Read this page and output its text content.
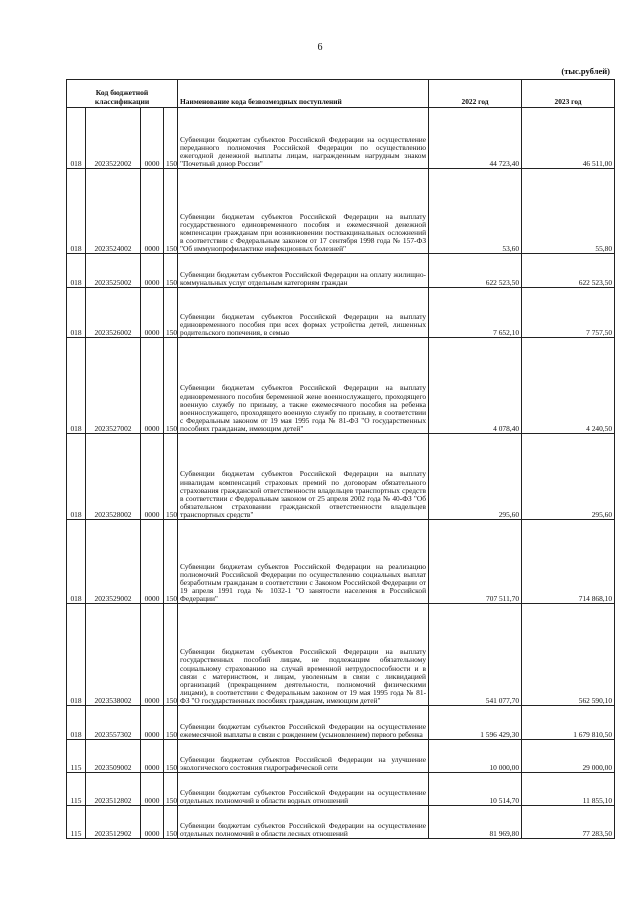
6
(тыс.рублей)
Код бюджетной классификации				Наименование кода безвозмездных поступлений	2022 год	2023 год
018	2023522002	0000	150	Субвенции бюджетам субъектов Российской Федерации на осуществление переданного полномочия Российской Федерации по осуществлению ежегодной денежной выплаты лицам, награжденным нагрудным знаком "Почетный донор России"	44 723,40	46 511,00
018	2023524002	0000	150	Субвенции бюджетам субъектов Российской Федерации на выплату государственного единовременного пособия и ежемесячной денежной компенсации гражданам при возникновении поствакцинальных осложнений в соответствии с Федеральным законом от 17 сентября 1998 года № 157-ФЗ "Об иммунопрофилактике инфекционных болезней"	53,60	55,80
018	2023525002	0000	150	Субвенции бюджетам субъектов Российской Федерации на оплату жилищно-коммунальных услуг отдельным категориям граждан	622 523,50	622 523,50
018	2023526002	0000	150	Субвенции бюджетам субъектов Российской Федерации на выплату единовременного пособия при всех формах устройства детей, лишенных родительского попечения, в семью	7 652,10	7 757,50
018	2023527002	0000	150	Субвенции бюджетам субъектов Российской Федерации на выплату единовременного пособия беременной жене военнослужащего, проходящего военную службу по призыву, а также ежемесячного пособия на ребенка военнослужащего, проходящего военную службу по призыву, в соответствии с Федеральным законом от 19 мая 1995 года № 81-ФЗ "О государственных пособиях гражданам, имеющим детей"	4 078,40	4 240,50
018	2023528002	0000	150	Субвенции бюджетам субъектов Российской Федерации на выплату инвалидам компенсаций страховых премий по договорам обязательного страхования гражданской ответственности владельцев транспортных средств в соответствии с Федеральным законом от 25 апреля 2002 года № 40-ФЗ "Об обязательном страховании гражданской ответственности владельцев транспортных средств"	295,60	295,60
018	2023529002	0000	150	Субвенции бюджетам субъектов Российской Федерации на реализацию полномочий Российской Федерации по осуществлению социальных выплат безработным гражданам в соответствии с Законом Российской Федерации от 19 апреля 1991 года № 1032-1 "О занятости населения в Российской Федерации"	707 511,70	714 868,10
018	2023538002	0000	150	Субвенции бюджетам субъектов Российской Федерации на выплату государственных пособий лицам, не подлежащим обязательному социальному страхованию на случай временной нетрудоспособности и в связи с материнством, и лицам, уволенным в связи с ликвидацией организаций (прекращением деятельности, полномочий физическими лицами), в соответствии с Федеральным законом от 19 мая 1995 года № 81-ФЗ "О государственных пособиях гражданам, имеющим детей"	541 077,70	562 590,10
018	2023557302	0000	150	Субвенции бюджетам субъектов Российской Федерации на осуществление ежемесячной выплаты в связи с рождением (усыновлением) первого ребенка	1 596 429,30	1 679 810,50
115	2023509002	0000	150	Субвенции бюджетам субъектов Российской Федерации на улучшение экологического состояния гидрографической сети	10 000,00	29 000,00
115	2023512802	0000	150	Субвенции бюджетам субъектов Российской Федерации на осуществление отдельных полномочий в области водных отношений	10 514,70	11 855,10
115	2023512902	0000	150	Субвенции бюджетам субъектов Российской Федерации на осуществление отдельных полномочий в области лесных отношений	81 969,80	77 283,50
